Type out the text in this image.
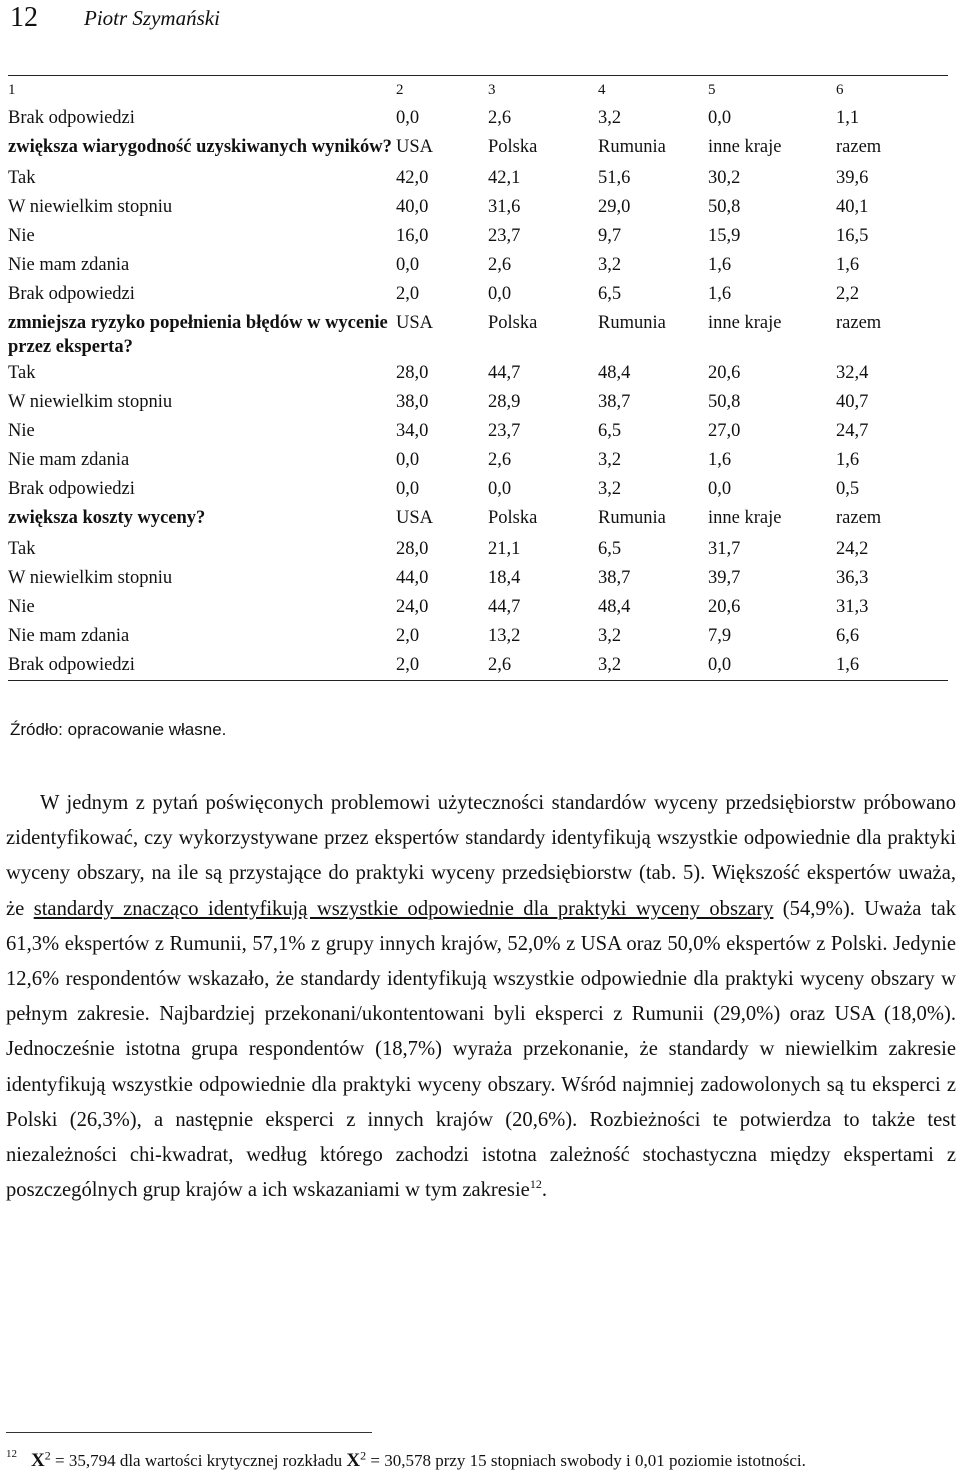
12 Piotr Szymański
1	2	3	4	5	6
Brak odpowiedzi	0,0	2,6	3,2	0,0	1,1
zwiększa wiarygodność uzyskiwanych wyników?	USA	Polska	Rumunia	inne kraje	razem
Tak	42,0	42,1	51,6	30,2	39,6
W niewielkim stopniu	40,0	31,6	29,0	50,8	40,1
Nie	16,0	23,7	9,7	15,9	16,5
Nie mam zdania	0,0	2,6	3,2	1,6	1,6
Brak odpowiedzi	2,0	0,0	6,5	1,6	2,2
zmniejsza ryzyko popełnienia błędów w wycenie przez eksperta?	USA	Polska	Rumunia	inne kraje	razem
Tak	28,0	44,7	48,4	20,6	32,4
W niewielkim stopniu	38,0	28,9	38,7	50,8	40,7
Nie	34,0	23,7	6,5	27,0	24,7
Nie mam zdania	0,0	2,6	3,2	1,6	1,6
Brak odpowiedzi	0,0	0,0	3,2	0,0	0,5
zwiększa koszty wyceny?	USA	Polska	Rumunia	inne kraje	razem
Tak	28,0	21,1	6,5	31,7	24,2
W niewielkim stopniu	44,0	18,4	38,7	39,7	36,3
Nie	24,0	44,7	48,4	20,6	31,3
Nie mam zdania	2,0	13,2	3,2	7,9	6,6
Brak odpowiedzi	2,0	2,6	3,2	0,0	1,6
Źródło: opracowanie własne.

W jednym z pytań poświęconych problemowi użyteczności standardów wyceny przedsiębiorstw próbowano zidentyfikować, czy wykorzystywane przez ekspertów standardy identyfikują wszystkie odpowiednie dla praktyki wyceny obszary, na ile są przystające do praktyki wyceny przedsiębiorstw (tab. 5). Większość ekspertów uważa, że standardy znacząco identyfikują wszystkie odpowiednie dla praktyki wyceny obszary (54,9%). Uważa tak 61,3% ekspertów z Rumunii, 57,1% z grupy innych krajów, 52,0% z USA oraz 50,0% ekspertów z Polski. Jedynie 12,6% respondentów wskazało, że standardy identyfikują wszystkie odpowiednie dla praktyki wyceny obszary w pełnym zakresie. Najbardziej przekonani/ukontentowani byli eksperci z Rumunii (29,0%) oraz USA (18,0%). Jednocześnie istotna grupa respondentów (18,7%) wyraża przekonanie, że standardy w niewielkim zakresie identyfikują wszystkie odpowiednie dla praktyki wyceny obszary. Wśród najmniej zadowolonych są tu eksperci z Polski (26,3%), a następnie eksperci z innych krajów (20,6%). Rozbieżności te potwierdza to także test niezależności chi-kwadrat, według którego zachodzi istotna zależność stochastyczna między ekspertami z poszczególnych grup krajów a ich wskazaniami w tym zakresie$^{12}$.

$^{12}$ $X^2 = 35,794$ dla wartości krytycznej rozkładu $X^2 = 30,578$ przy 15 stopniach swobody i 0,01 poziomie istotności.
